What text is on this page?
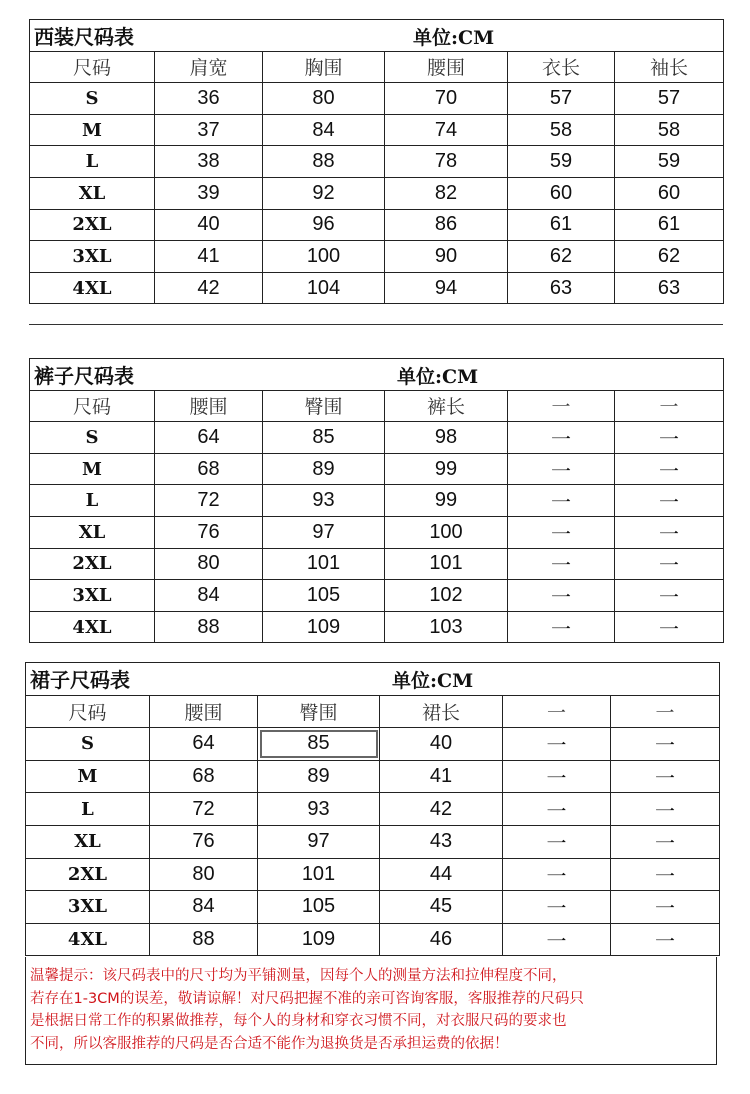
西装尺码表 单位:CM					

尺码	肩宽	胸围	腰围	衣长	袖长
S	36	80	70	57	57
M	37	84	74	58	58
L	38	88	78	59	59
XL	39	92	82	60	60
2XL	40	96	86	61	61
3XL	41	100	90	62	62
4XL	42	104	94	63	63
裤子尺码表 单位:CM					

尺码	腰围	臀围	裤长	一	一
S	64	85	98	一	一
M	68	89	99	一	一
L	72	93	99	一	一
XL	76	97	100	一	一
2XL	80	101	101	一	一
3XL	84	105	102	一	一
4XL	88	109	103	一	一
裙子尺码表 单位:CM					

尺码	腰围	臀围	裙长	一	一
S	64	85	40	一	一
M	68	89	41	一	一
L	72	93	42	一	一
XL	76	97	43	一	一
2XL	80	101	44	一	一
3XL	84	105	45	一	一
4XL	88	109	46	一	一
温馨提示：该尺码表中的尺寸均为平铺测量，因每个人的测量方法和拉伸程度不同，
若存在1-3CM的误差，敬请谅解！对尺码把握不准的亲可咨询客服，客服推荐的尺码只
是根据日常工作的积累做推荐，每个人的身材和穿衣习惯不同，对衣服尺码的要求也
不同，所以客服推荐的尺码是否合适不能作为退换货是否承担运费的依据！
